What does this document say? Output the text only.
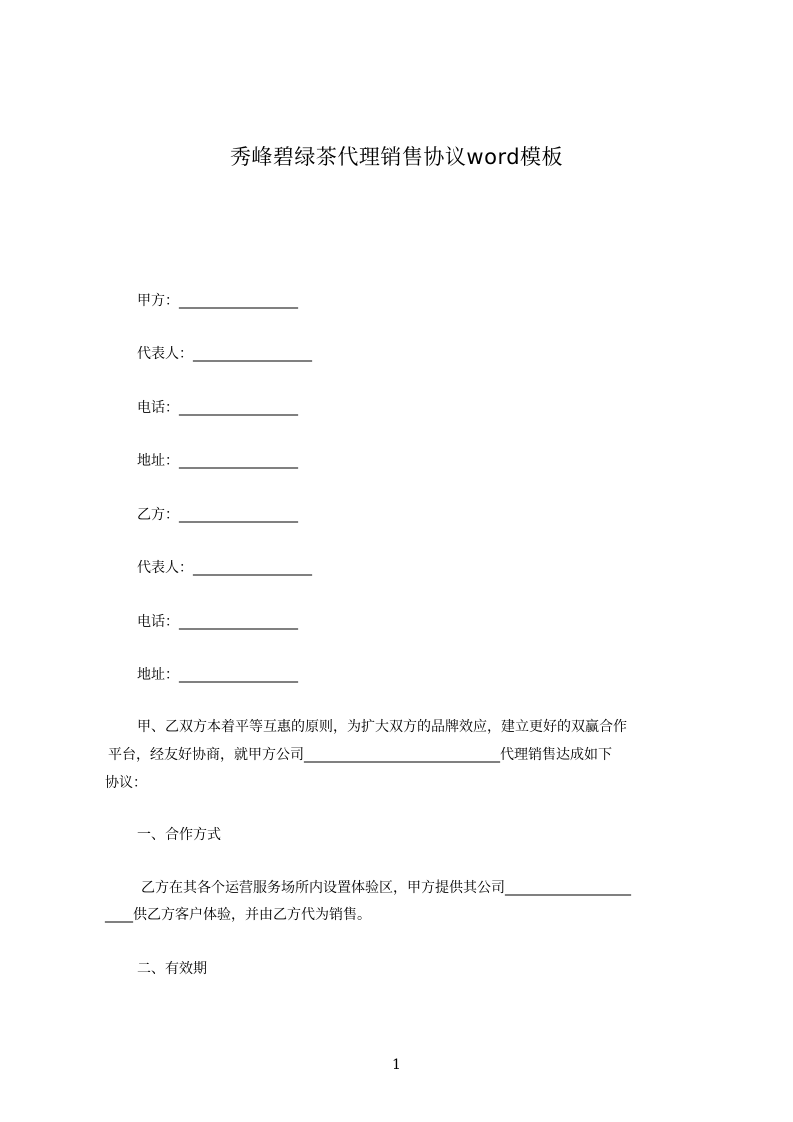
秀峰碧绿茶代理销售协议word模板
甲方：_________________
代表人：_________________
电话：_________________
地址：_________________
乙方：_________________
代表人：_________________
电话：_________________
地址：_________________
甲、乙双方本着平等互惠的原则，为扩大双方的品牌效应，建立更好的双赢合作
平台，经友好协商，就甲方公司____________________________代理销售达成如下
协议：
一、合作方式
乙方在其各个运营服务场所内设置体验区，甲方提供其公司__________________
____供乙方客户体验，并由乙方代为销售。
二、有效期
1
